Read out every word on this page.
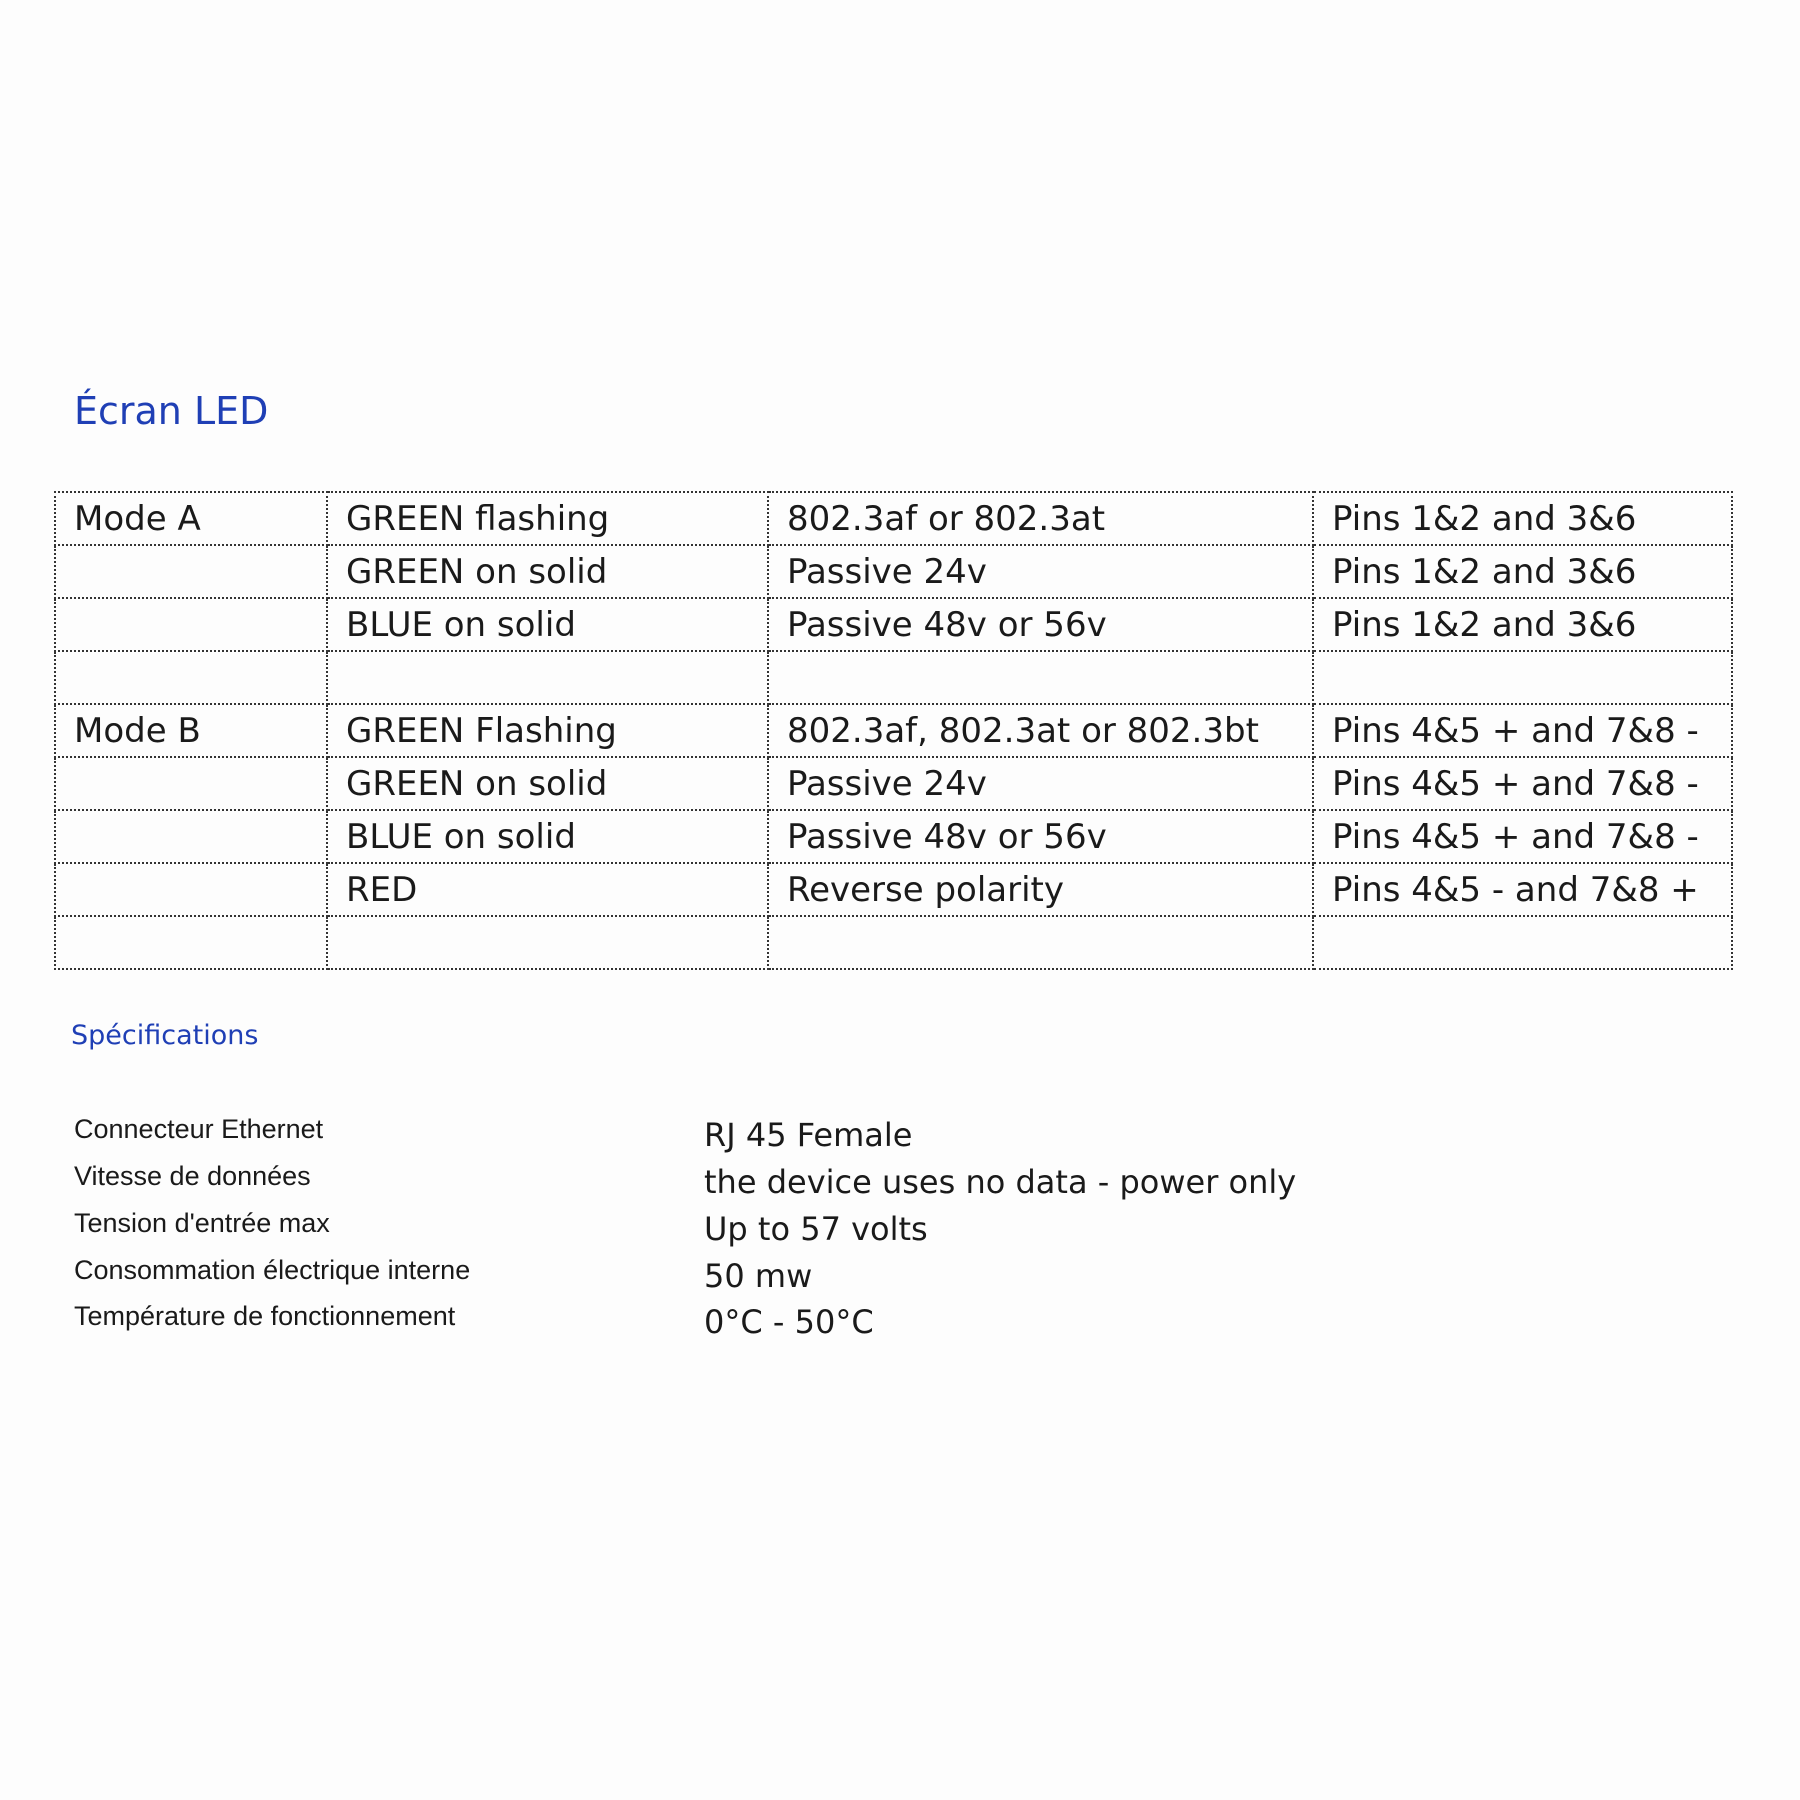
Écran LED
Mode A	GREEN flashing	802.3af or 802.3at	Pins 1&2 and 3&6
	GREEN on solid	Passive 24v	Pins 1&2 and 3&6
	BLUE on solid	Passive 48v or 56v	Pins 1&2 and 3&6

Mode B	GREEN Flashing	802.3af, 802.3at or 802.3bt	Pins 4&5 + and 7&8 -
	GREEN on solid	Passive 24v	Pins 4&5 + and 7&8 -
	BLUE on solid	Passive 48v or 56v	Pins 4&5 + and 7&8 -
	RED	Reverse polarity	Pins 4&5 - and 7&8 +

Spécifications
Connecteur Ethernet	RJ 45 Female
Vitesse de données	the device uses no data - power only
Tension d'entrée max	Up to 57 volts
Consommation électrique interne	50 mw
Température de fonctionnement	0°C - 50°C
